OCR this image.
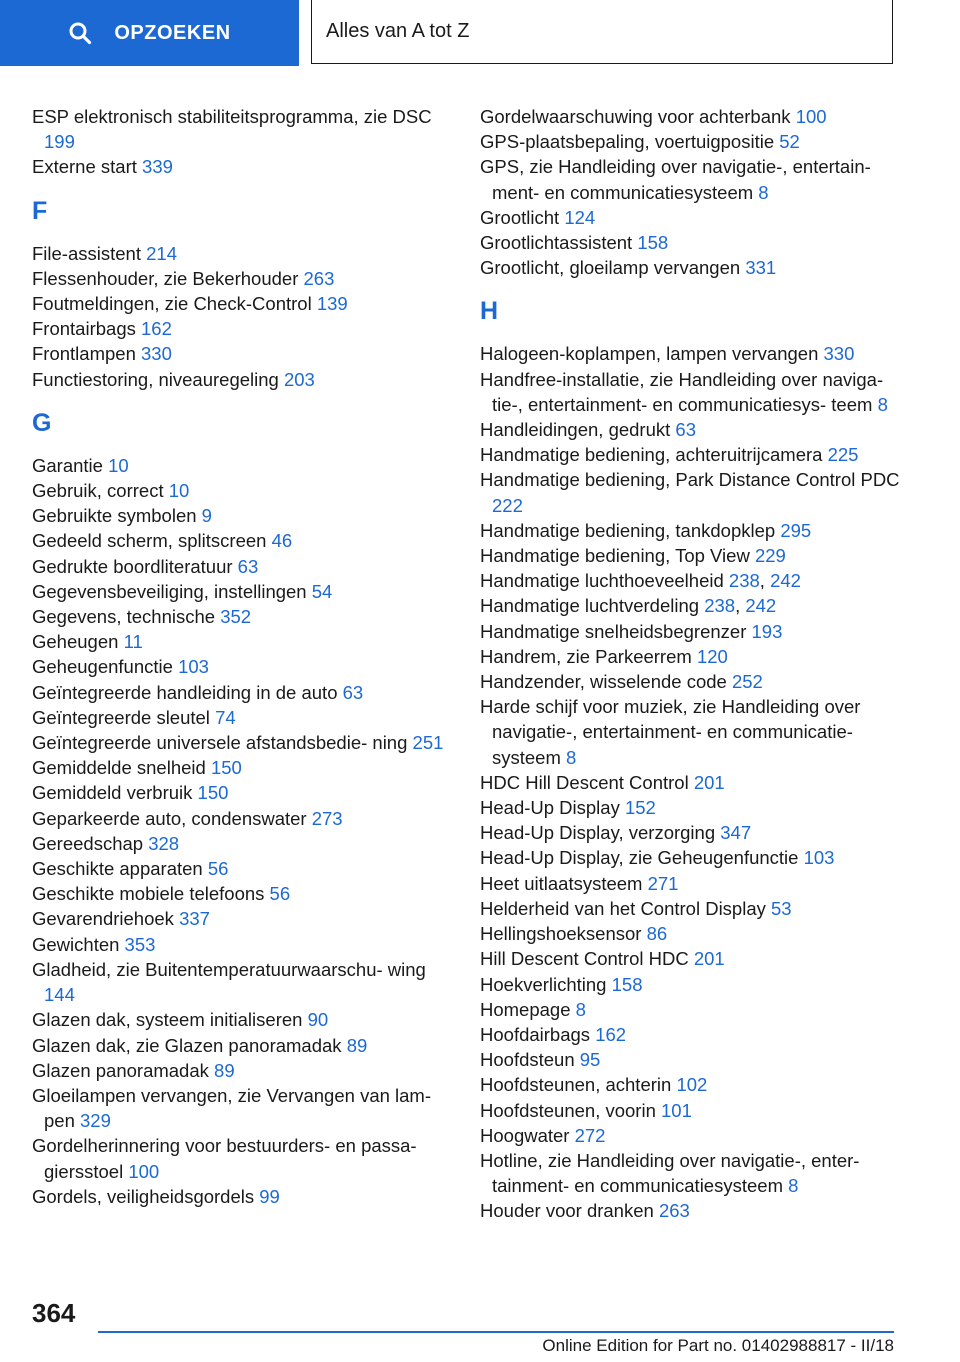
OPZOEKEN	Alles van A tot Z
ESP elektronisch stabiliteitsprogramma, zie DSC 199
Externe start 339
F
File-assistent 214
Flessenhouder, zie Bekerhouder 263
Foutmeldingen, zie Check-Control 139
Frontairbags 162
Frontlampen 330
Functiestoring, niveauregeling 203
G
Garantie 10
Gebruik, correct 10
Gebruikte symbolen 9
Gedeeld scherm, splitscreen 46
Gedrukte boordliteratuur 63
Gegevensbeveiliging, instellingen 54
Gegevens, technische 352
Geheugen 11
Geheugenfunctie 103
Geïntegreerde handleiding in de auto 63
Geïntegreerde sleutel 74
Geïntegreerde universele afstandsbedie‐ ning 251
Gemiddelde snelheid 150
Gemiddeld verbruik 150
Geparkeerde auto, condenswater 273
Gereedschap 328
Geschikte apparaten 56
Geschikte mobiele telefoons 56
Gevarendriehoek 337
Gewichten 353
Gladheid, zie Buitentemperatuurwaarschu‐ wing 144
Glazen dak, systeem initialiseren 90
Glazen dak, zie Glazen panoramadak 89
Glazen panoramadak 89
Gloeilampen vervangen, zie Vervangen van lam‐ pen 329
Gordelherinnering voor bestuurders- en passa‐ giersstoel 100
Gordels, veiligheidsgordels 99
Gordelwaarschuwing voor achterbank 100
GPS-plaatsbepaling, voertuigpositie 52
GPS, zie Handleiding over navigatie-, entertain‐ ment- en communicatiesysteem 8
Grootlicht 124
Grootlichtassistent 158
Grootlicht, gloeilamp vervangen 331
H
Halogeen-koplampen, lampen vervangen 330
Handfree-installatie, zie Handleiding over naviga‐ tie-, entertainment- en communicatiesys‐ teem 8
Handleidingen, gedrukt 63
Handmatige bediening, achteruitrijcamera 225
Handmatige bediening, Park Distance Control PDC 222
Handmatige bediening, tankdopklep 295
Handmatige bediening, Top View 229
Handmatige luchthoeveelheid 238, 242
Handmatige luchtverdeling 238, 242
Handmatige snelheidsbegrenzer 193
Handrem, zie Parkeerrem 120
Handzender, wisselende code 252
Harde schijf voor muziek, zie Handleiding over navigatie-, entertainment- en communicatie‐ systeem 8
HDC Hill Descent Control 201
Head-Up Display 152
Head-Up Display, verzorging 347
Head-Up Display, zie Geheugenfunctie 103
Heet uitlaatsysteem 271
Helderheid van het Control Display 53
Hellingshoeksensor 86
Hill Descent Control HDC 201
Hoekverlichting 158
Homepage 8
Hoofdairbags 162
Hoofdsteun 95
Hoofdsteunen, achterin 102
Hoofdsteunen, voorin 101
Hoogwater 272
Hotline, zie Handleiding over navigatie-, enter‐ tainment- en communicatiesysteem 8
Houder voor dranken 263
364
Online Edition for Part no. 01402988817 - II/18
